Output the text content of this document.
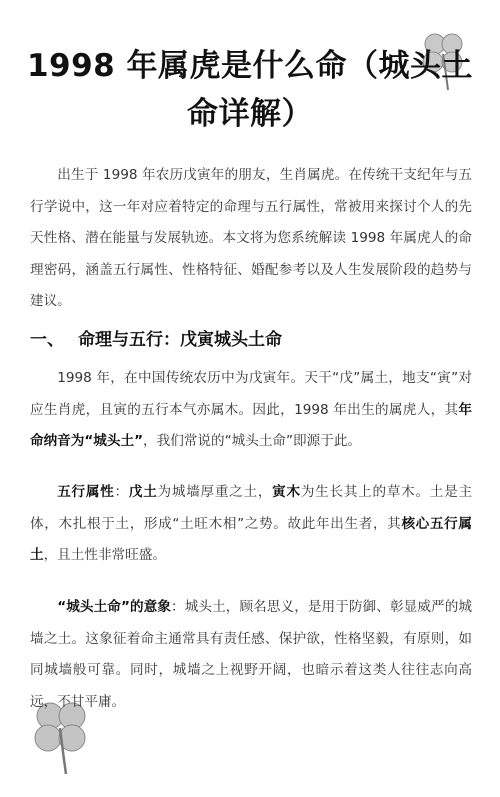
1998 年属虎是什么命（城头土
命详解）

出生于 1998 年农历戊寅年的朋友，生肖属虎。在传统干支纪年与五行学说中，这一年对应着特定的命理与五行属性，常被用来探讨个人的先天性格、潜在能量与发展轨迹。本文将为您系统解读 1998 年属虎人的命理密码，涵盖五行属性、性格特征、婚配参考以及人生发展阶段的趋势与建议。

一、 命理与五行：戊寅城头土命

1998 年，在中国传统农历中为戊寅年。天干“戊”属土，地支“寅”对应生肖虎，且寅的五行本气亦属木。因此，1998 年出生的属虎人，其年命纳音为“城头土”，我们常说的“城头土命”即源于此。

五行属性：戊土为城墙厚重之土，寅木为生长其上的草木。土是主体，木扎根于土，形成“土旺木相”之势。故此年出生者，其核心五行属土，且土性非常旺盛。

“城头土命”的意象：城头土，顾名思义，是用于防御、彰显威严的城墙之土。这象征着命主通常具有责任感、保护欲，性格坚毅，有原则，如同城墙般可靠。同时，城墙之上视野开阔，也暗示着这类人往往志向高远，不甘平庸。
